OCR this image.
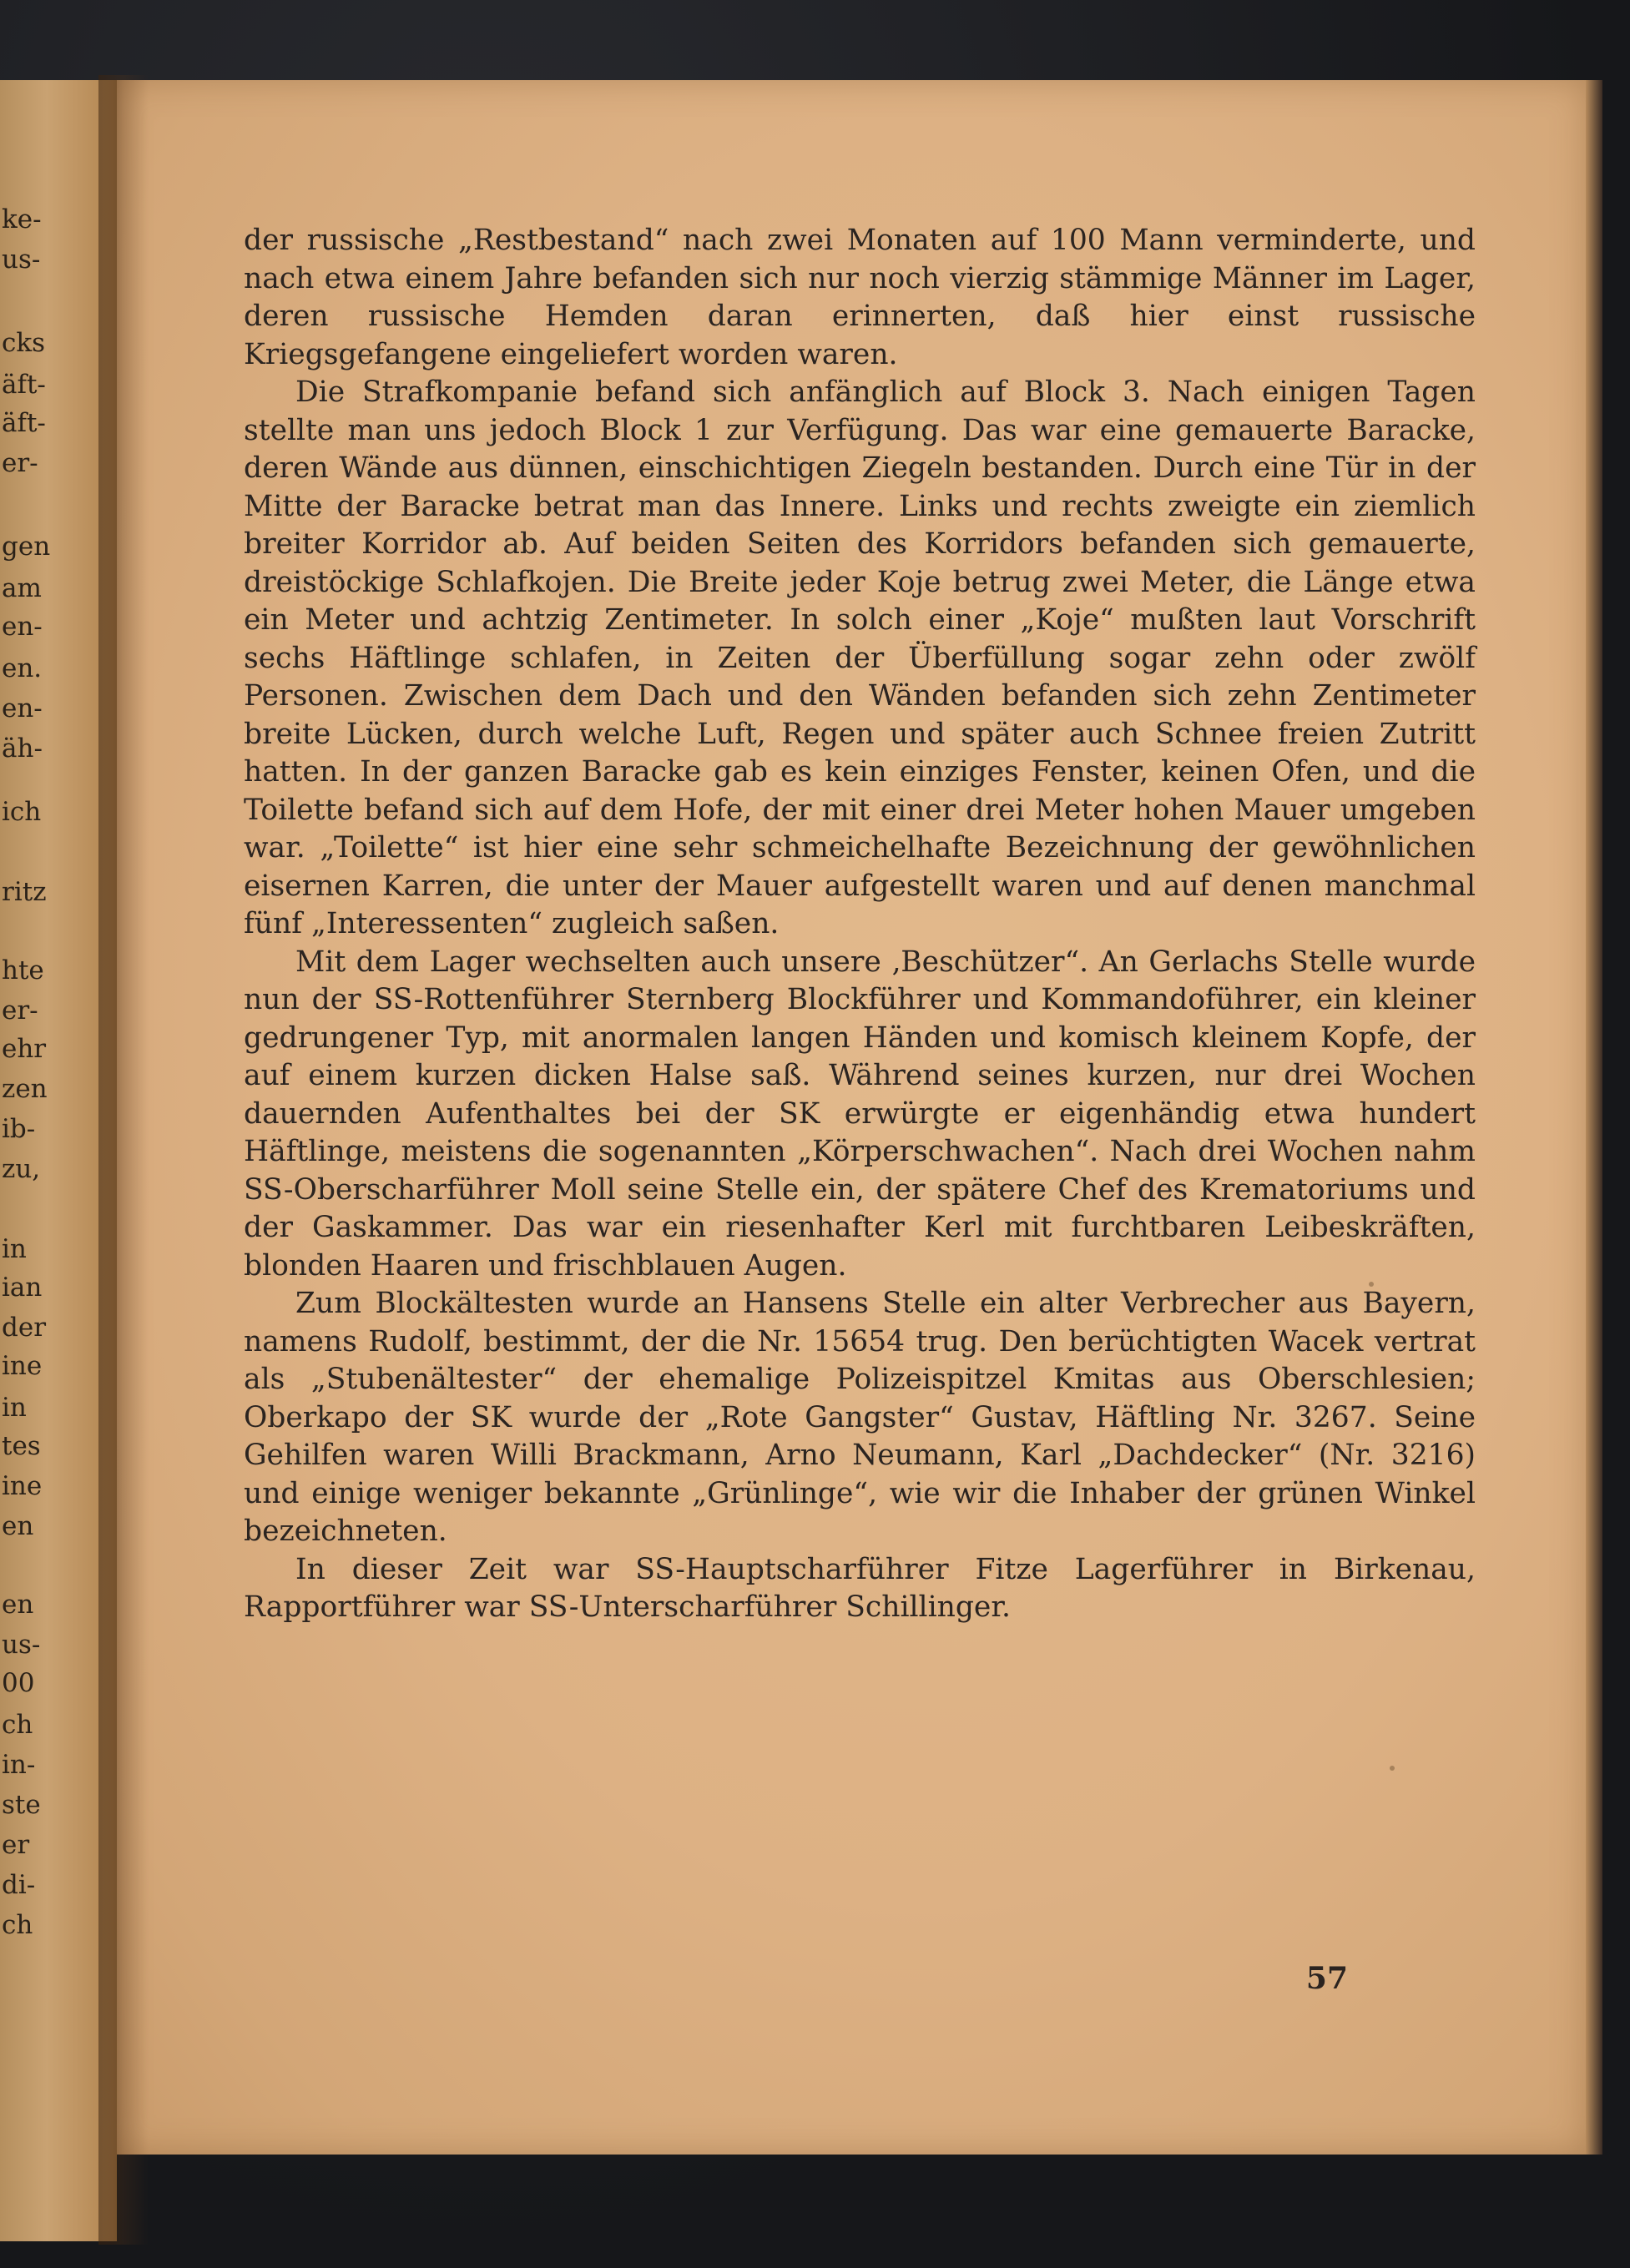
ke-
us-
cks
äft-
äft-
er-
gen
am
en-
en.
en-
äh-
ich
ritz
hte
er-
ehr
zen
ib-
zu,
in
ian
der
ine
in
tes
ine
en
en
us-
00
ch
in-
ste
er
di-
ch

der russische „Restbestand“ nach zwei Monaten auf 100 Mann verminderte, und nach etwa einem Jahre befanden sich nur noch vierzig stämmige Männer im Lager, deren russische Hemden daran erinnerten, daß hier einst russische Kriegsgefangene eingeliefert worden waren.

Die Strafkompanie befand sich anfänglich auf Block 3. Nach einigen Tagen stellte man uns jedoch Block 1 zur Verfügung. Das war eine gemauerte Baracke, deren Wände aus dünnen, einschichtigen Ziegeln bestanden. Durch eine Tür in der Mitte der Baracke betrat man das Innere. Links und rechts zweigte ein ziemlich breiter Korridor ab. Auf beiden Seiten des Korridors befanden sich gemauerte, dreistöckige Schlafkojen. Die Breite jeder Koje betrug zwei Meter, die Länge etwa ein Meter und achtzig Zentimeter. In solch einer „Koje“ mußten laut Vorschrift sechs Häftlinge schlafen, in Zeiten der Überfüllung sogar zehn oder zwölf Personen. Zwischen dem Dach und den Wänden befanden sich zehn Zentimeter breite Lücken, durch welche Luft, Regen und später auch Schnee freien Zutritt hatten. In der ganzen Baracke gab es kein einziges Fenster, keinen Ofen, und die Toilette befand sich auf dem Hofe, der mit einer drei Meter hohen Mauer umgeben war. „Toilette“ ist hier eine sehr schmeichelhafte Bezeichnung der gewöhnlichen eisernen Karren, die unter der Mauer aufgestellt waren und auf denen manchmal fünf „Interessenten“ zugleich saßen.

Mit dem Lager wechselten auch unsere ‚Beschützer“. An Gerlachs Stelle wurde nun der SS-Rottenführer Sternberg Blockführer und Kommandoführer, ein kleiner gedrungener Typ, mit anormalen langen Händen und komisch kleinem Kopfe, der auf einem kurzen dicken Halse saß. Während seines kurzen, nur drei Wochen dauernden Aufenthaltes bei der SK erwürgte er eigenhändig etwa hundert Häftlinge, meistens die sogenannten „Körperschwachen“. Nach drei Wochen nahm SS-Oberscharführer Moll seine Stelle ein, der spätere Chef des Krematoriums und der Gaskammer. Das war ein riesenhafter Kerl mit furchtbaren Leibeskräften, blonden Haaren und frischblauen Augen.

Zum Blockältesten wurde an Hansens Stelle ein alter Verbrecher aus Bayern, namens Rudolf, bestimmt, der die Nr. 15654 trug. Den berüchtigten Wacek vertrat als „Stubenältester“ der ehemalige Polizeispitzel Kmitas aus Oberschlesien; Oberkapo der SK wurde der „Rote Gangster“ Gustav, Häftling Nr. 3267. Seine Gehilfen waren Willi Brackmann, Arno Neumann, Karl „Dachdecker“ (Nr. 3216) und einige weniger bekannte „Grünlinge“, wie wir die Inhaber der grünen Winkel bezeichneten.

In dieser Zeit war SS-Hauptscharführer Fitze Lagerführer in Birkenau, Rapportführer war SS-Unterscharführer Schillinger.

57
